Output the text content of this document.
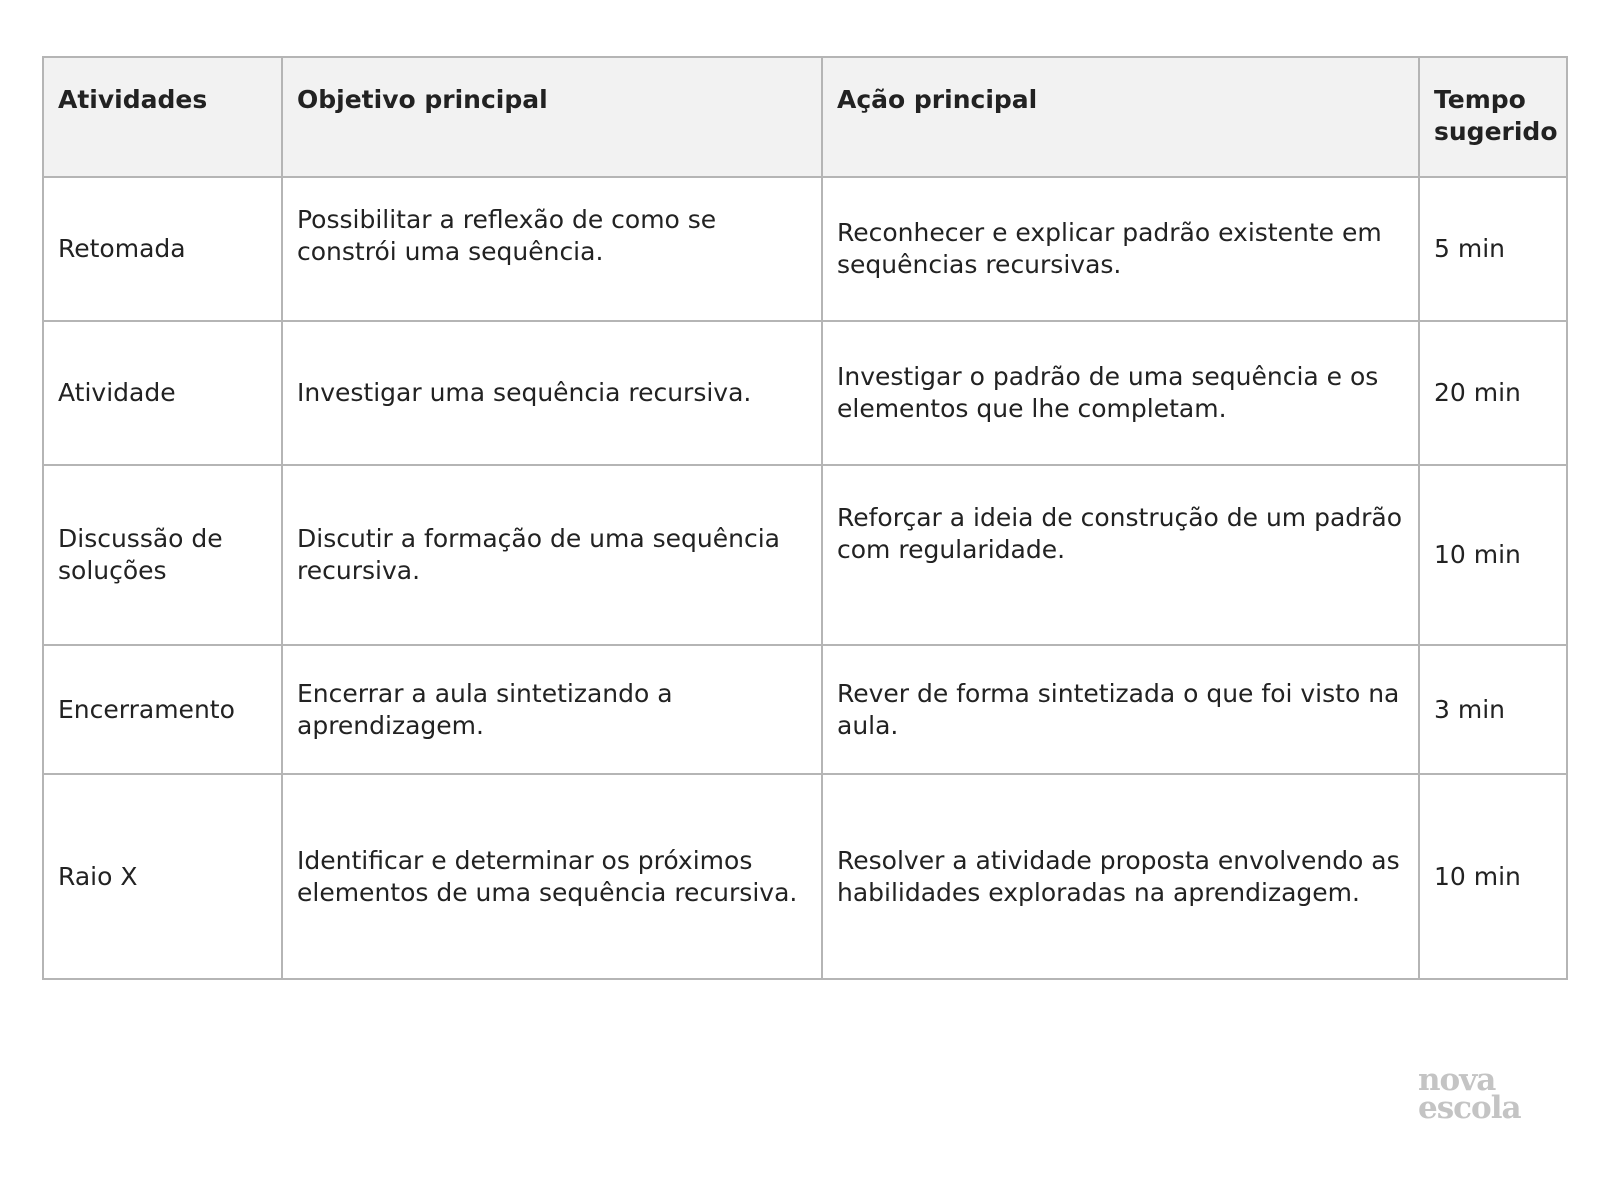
Atividades	Objetivo principal	Ação principal	Tempo sugerido
Retomada	Possibilitar a reflexão de como se constrói uma sequência.	Reconhecer e explicar padrão existente em sequências recursivas.	5 min
Atividade	Investigar uma sequência recursiva.	Investigar o padrão de uma sequência e os elementos que lhe completam.	20 min
Discussão de soluções	Discutir a formação de uma sequência recursiva.	Reforçar a ideia de construção de um padrão com regularidade.	10 min
Encerramento	Encerrar a aula sintetizando a aprendizagem.	Rever de forma sintetizada o que foi visto na aula.	3 min
Raio X	Identificar e determinar os próximos elementos de uma sequência recursiva.	Resolver a atividade proposta envolvendo as habilidades exploradas na aprendizagem.	10 min
nova
escola
